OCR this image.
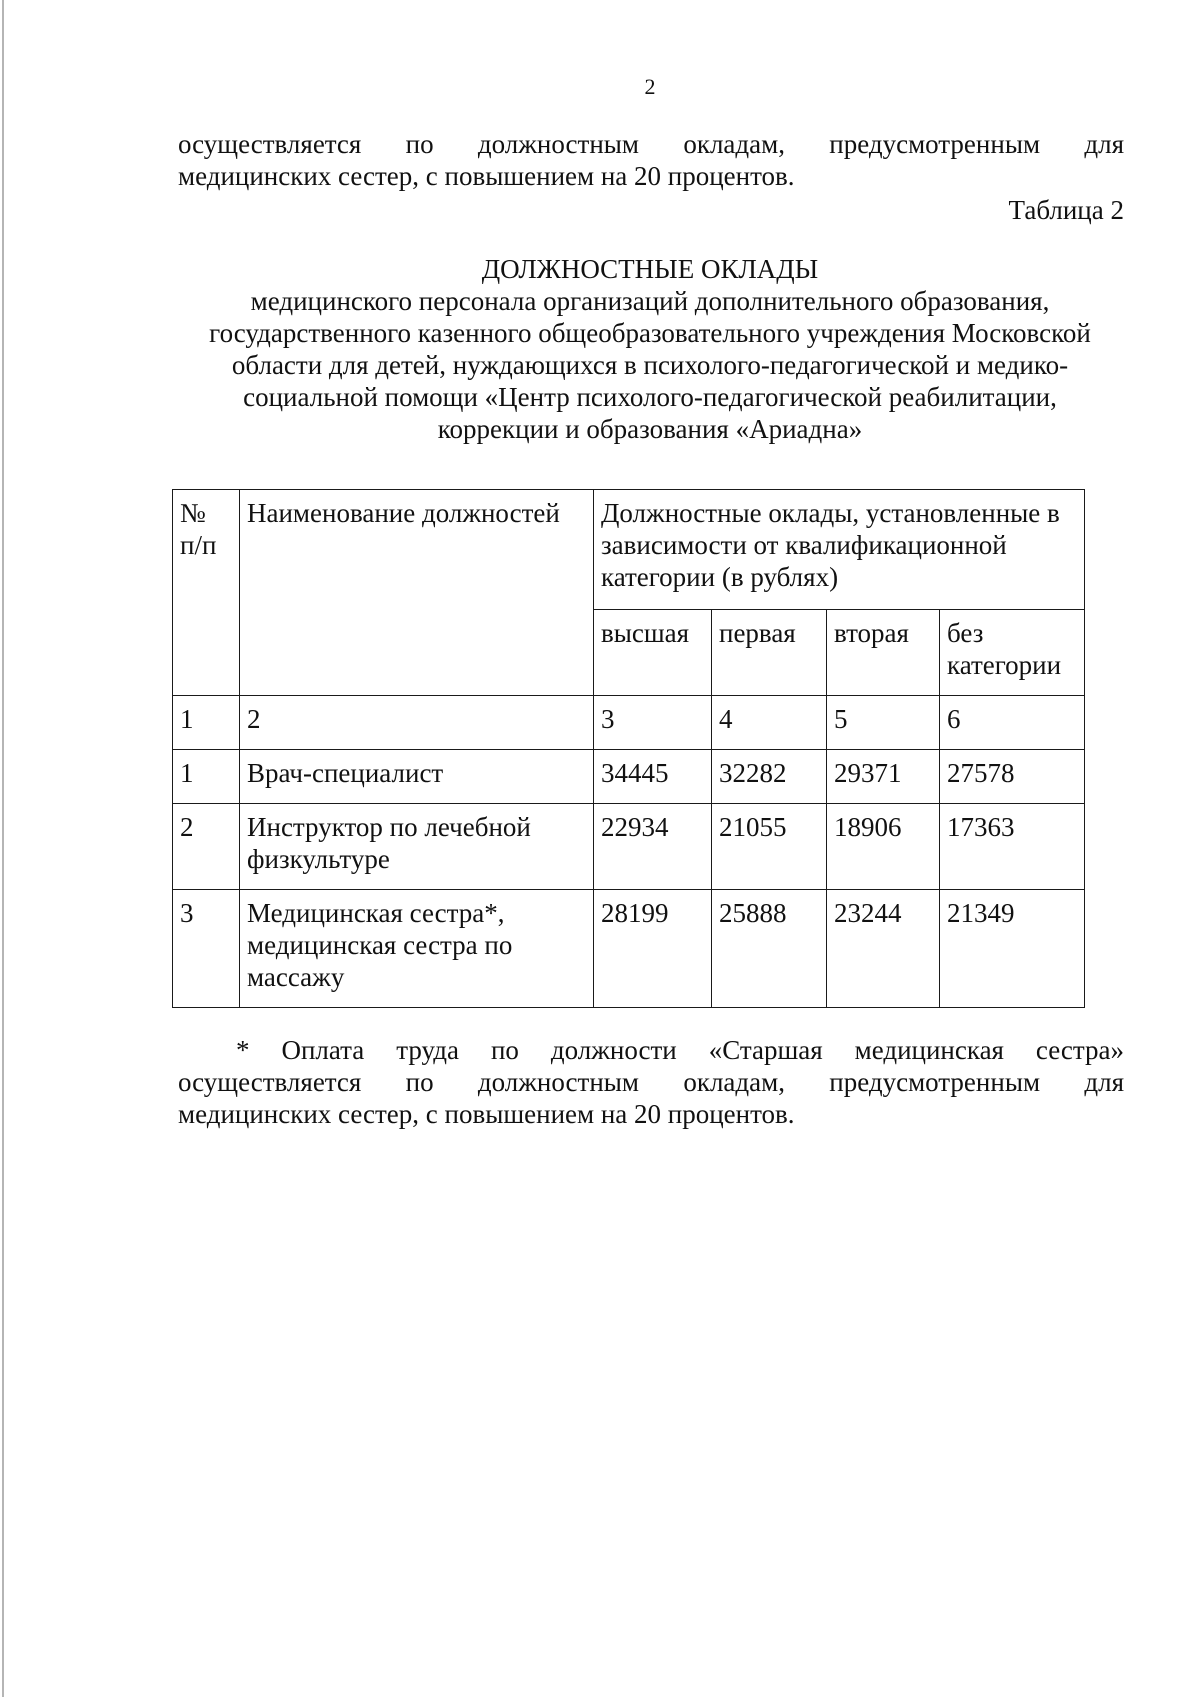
2
осуществляется по должностным окладам, предусмотренным для
медицинских сестер, с повышением на 20 процентов.
Таблица 2
ДОЛЖНОСТНЫЕ ОКЛАДЫ
медицинского персонала организаций дополнительного образования,
государственного казенного общеобразовательного учреждения Московской
области для детей, нуждающихся в психолого-педагогической и медико-
социальной помощи «Центр психолого-педагогической реабилитации,
коррекции и образования «Ариадна»
№ п/п	Наименование должностей	Должностные оклады, установленные в зависимости от квалификационной категории (в рублях)			
		высшая	первая	вторая	без категории
1	2	3	4	5	6
1	Врач-специалист	34445	32282	29371	27578
2	Инструктор по лечебной физкультуре	22934	21055	18906	17363
3	Медицинская сестра*, медицинская сестра по массажу	28199	25888	23244	21349
* Оплата труда по должности «Старшая медицинская сестра»
осуществляется по должностным окладам, предусмотренным для
медицинских сестер, с повышением на 20 процентов.
